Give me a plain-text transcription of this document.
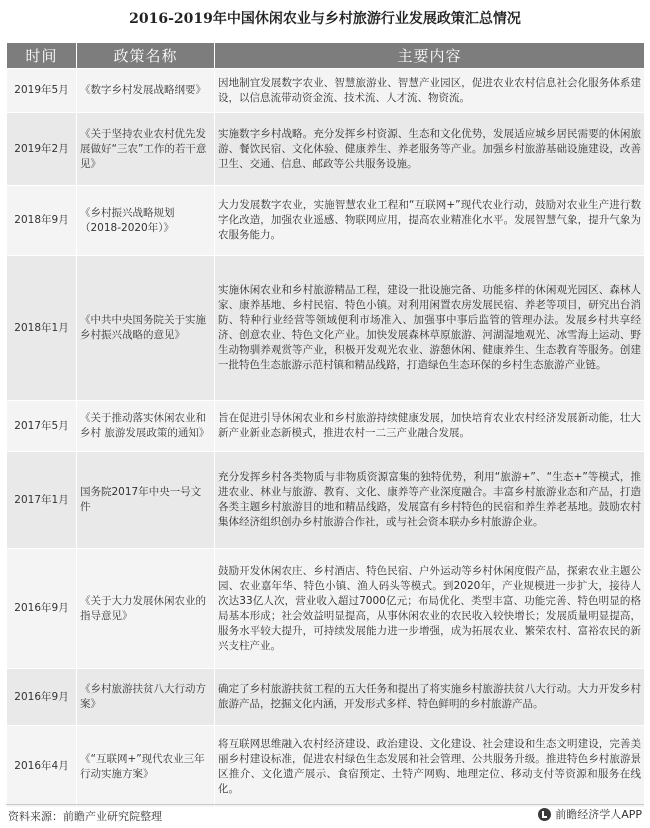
2016-2019年中国休闲农业与乡村旅游行业发展政策汇总情况
时间	政策名称	主要内容
2019年5月	《数字乡村发展战略纲要》	因地制宜发展数字农业、智慧旅游业、智慧产业园区，促进农业农村信息社会化服务体系建设，以信息流带动资金流、技术流、人才流、物资流。
2019年2月	《关于坚持农业农村优先发展做好“三农”工作的若干意见》	实施数字乡村战略。充分发挥乡村资源、生态和文化优势，发展适应城乡居民需要的休闲旅游、餐饮民宿、文化体验、健康养生、养老服务等产业。加强乡村旅游基础设施建设，改善卫生、交通、信息、邮政等公共服务设施。
2018年9月	《乡村振兴战略规划（2018-2020年）》	大力发展数字农业，实施智慧农业工程和“互联网+”现代农业行动，鼓励对农业生产进行数字化改造，加强农业遥感、物联网应用，提高农业精准化水平。发展智慧气象，提升气象为农服务能力。
2018年1月	《中共中央国务院关于实施乡村振兴战略的意见》	实施休闲农业和乡村旅游精品工程，建设一批设施完备、功能多样的休闲观光园区、森林人家、康养基地、乡村民宿、特色小镇。对利用闲置农房发展民宿、养老等项目，研究出台消防、特种行业经营等领域便利市场准入、加强事中事后监管的管理办法。发展乡村共享经济、创意农业、特色文化产业。加快发展森林草原旅游、河湖湿地观光、冰雪海上运动、野生动物驯养观赏等产业，积极开发观光农业、游憩休闲、健康养生、生态教育等服务。创建一批特色生态旅游示范村镇和精品线路，打造绿色生态环保的乡村生态旅游产业链。
2017年5月	《关于推动落实休闲农业和乡村 旅游发展政策的通知》	旨在促进引导休闲农业和乡村旅游持续健康发展，加快培育农业农村经济发展新动能，壮大新产业新业态新模式，推进农村一二三产业融合发展。
2017年1月	国务院2017年中央一号文件	充分发挥乡村各类物质与非物质资源富集的独特优势，利用“旅游+”、“生态+”等模式，推进农业、林业与旅游、教育、文化、康养等产业深度融合。丰富乡村旅游业态和产品，打造各类主题乡村旅游目的地和精品线路，发展富有乡村特色的民宿和养生养老基地。鼓励农村集体经济组织创办乡村旅游合作社，或与社会资本联办乡村旅游企业。
2016年9月	《关于大力发展休闲农业的指导意见》	鼓励开发休闲农庄、乡村酒店、特色民宿、户外运动等乡村休闲度假产品，探索农业主题公园、农业嘉年华、特色小镇、渔人码头等模式。到2020年，产业规模进一步扩大，接待人次达33亿人次，营业收入超过7000亿元；布局优化、类型丰富、功能完善、特色明显的格局基本形成；社会效益明显提高，从事休闲农业的农民收入较快增长；发展质量明显提高，服务水平较大提升，可持续发展能力进一步增强，成为拓展农业、繁荣农村、富裕农民的新兴支柱产业。
2016年9月	《乡村旅游扶贫八大行动方案》	确定了乡村旅游扶贫工程的五大任务和提出了将实施乡村旅游扶贫八大行动。大力开发乡村旅游产品，挖掘文化内涵，开发形式多样、特色鲜明的乡村旅游产品。
2016年4月	《“互联网+”现代农业三年行动实施方案》	将互联网思维融入农村经济建设、政治建设、文化建设、社会建设和生态文明建设，完善美丽乡村建设标准，促进农村绿色生态发展和社会管理、公共服务升级。推进特色乡村旅游景区推介、文化遗产展示、食宿预定、土特产网购、地理定位、移动支付等资源和服务在线化。
资料来源：前瞻产业研究院整理	前瞻经济学人APP
